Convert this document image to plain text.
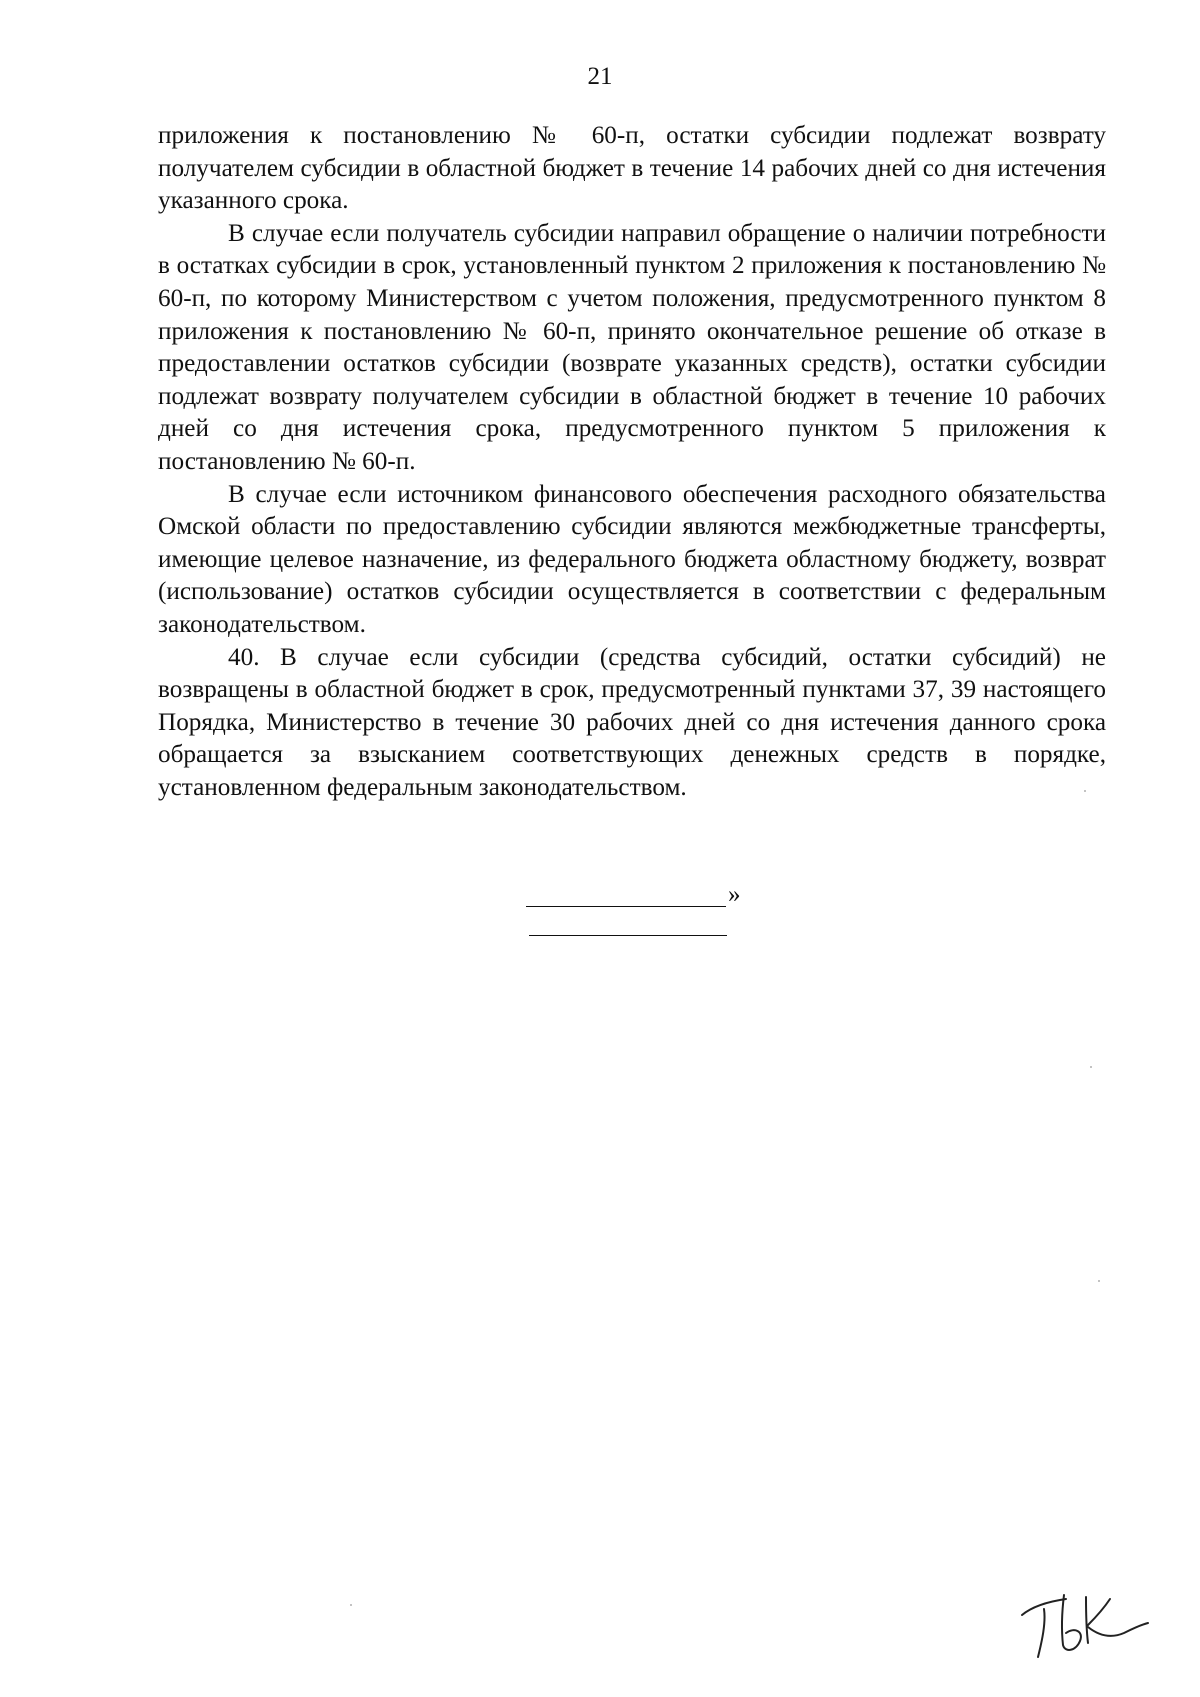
21

приложения к постановлению № 60-п, остатки субсидии подлежат возврату получателем субсидии в областной бюджет в течение 14 рабочих дней со дня истечения указанного срока.

В случае если получатель субсидии направил обращение о наличии потребности в остатках субсидии в срок, установленный пунктом 2 приложения к постановлению № 60-п, по которому Министерством с учетом положения, предусмотренного пунктом 8 приложения к постановлению № 60-п, принято окончательное решение об отказе в предоставлении остатков субсидии (возврате указанных средств), остатки субсидии подлежат возврату получателем субсидии в областной бюджет в течение 10 рабочих дней со дня истечения срока, предусмотренного пунктом 5 приложения к постановлению № 60-п.

В случае если источником финансового обеспечения расходного обязательства Омской области по предоставлению субсидии являются межбюджетные трансферты, имеющие целевое назначение, из федерального бюджета областному бюджету, возврат (использование) остатков субсидии осуществляется в соответствии с федеральным законодательством.

40. В случае если субсидии (средства субсидий, остатки субсидий) не возвращены в областной бюджет в срок, предусмотренный пунктами 37, 39 настоящего Порядка, Министерство в течение 30 рабочих дней со дня истечения данного срока обращается за взысканием соответствующих денежных средств в порядке, установленном федеральным законодательством.

»
